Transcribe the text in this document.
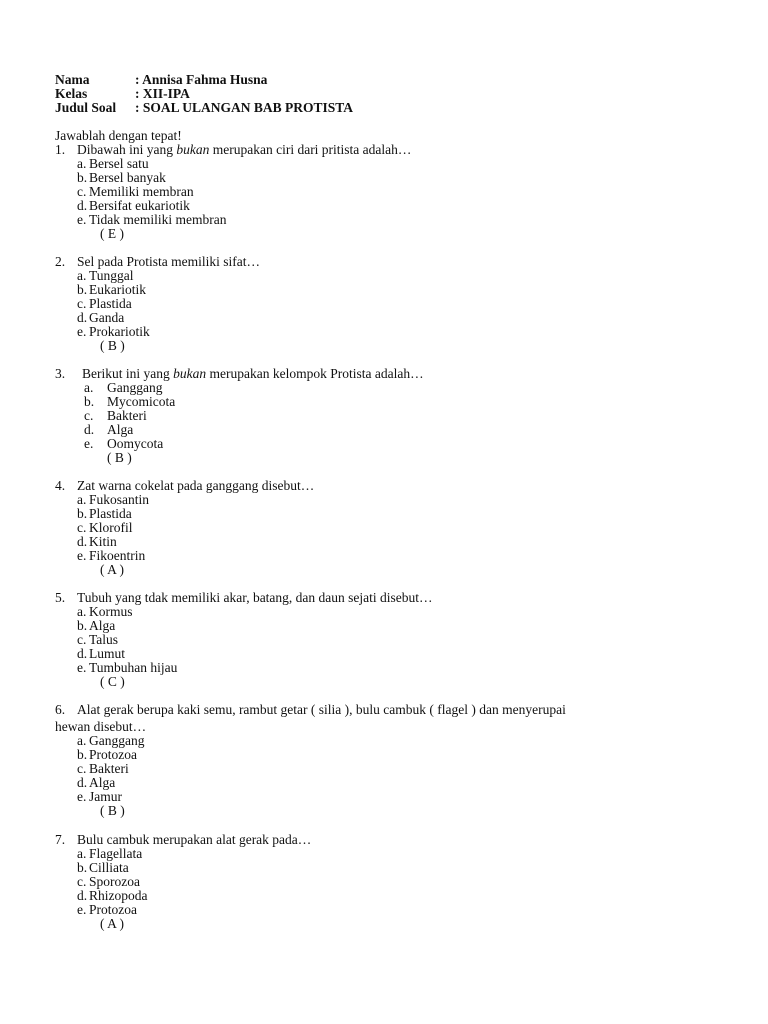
Nama	: Annisa Fahma Husna
Kelas	: XII-IPA
Judul Soal : SOAL ULANGAN BAB PROTISTA
Jawablah dengan tepat!
1. Dibawah ini yang bukan merupakan ciri dari pritista adalah…
a. Bersel satu
b. Bersel banyak
c. Memiliki membran
d. Bersifat eukariotik
e. Tidak memiliki membran
( E )
2. Sel pada Protista memiliki sifat…
a. Tunggal
b. Eukariotik
c. Plastida
d. Ganda
e. Prokariotik
( B )
3. Berikut ini yang bukan merupakan kelompok Protista adalah…
a. Ganggang
b. Mycomicota
c. Bakteri
d. Alga
e. Oomycota
( B )
4. Zat warna cokelat pada ganggang disebut…
a. Fukosantin
b. Plastida
c. Klorofil
d. Kitin
e. Fikoentrin
( A )
5. Tubuh yang tdak memiliki akar, batang, dan daun sejati disebut…
a. Kormus
b. Alga
c. Talus
d. Lumut
e. Tumbuhan hijau
( C )
6. Alat gerak berupa kaki semu, rambut getar ( silia ), bulu cambuk ( flagel ) dan menyerupai
hewan disebut…
a. Ganggang
b. Protozoa
c. Bakteri
d. Alga
e. Jamur
( B )
7. Bulu cambuk merupakan alat gerak pada…
a. Flagellata
b. Cilliata
c. Sporozoa
d. Rhizopoda
e. Protozoa
( A )
